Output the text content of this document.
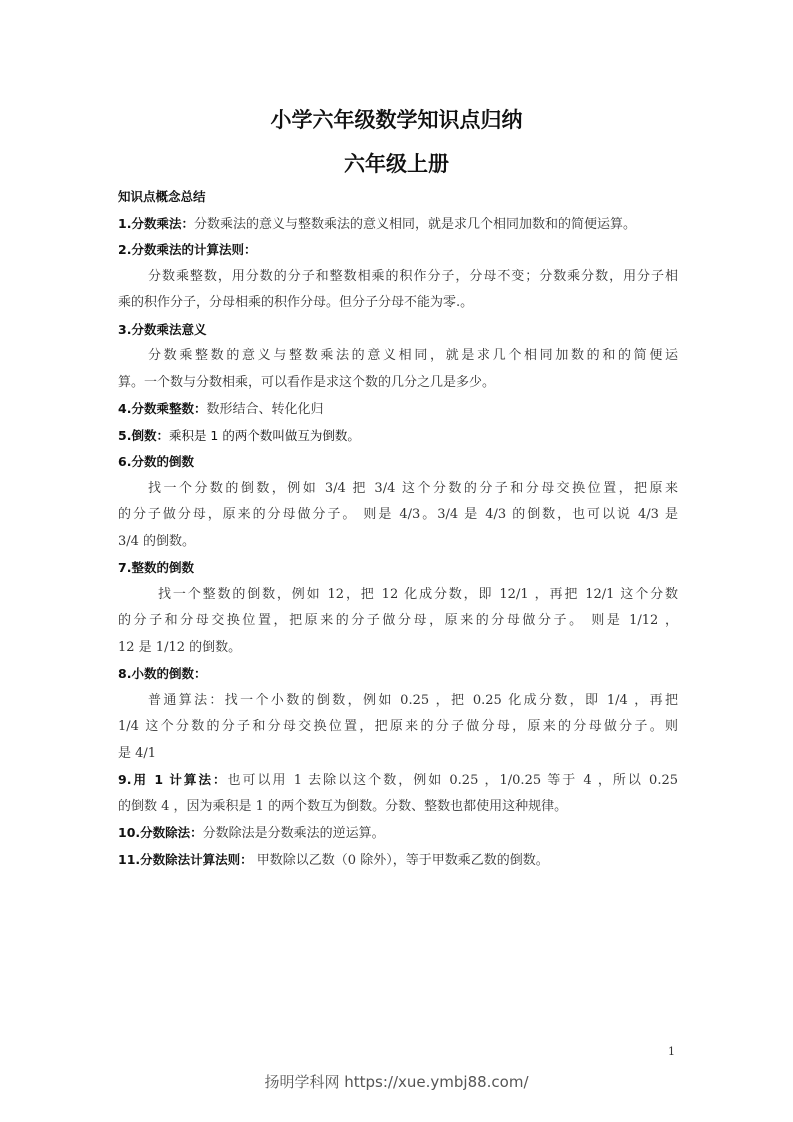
小学六年级数学知识点归纳
六年级上册
知识点概念总结
1.分数乘法：分数乘法的意义与整数乘法的意义相同，就是求几个相同加数和的简便运算。
2.分数乘法的计算法则：
分数乘整数，用分数的分子和整数相乘的积作分子，分母不变；分数乘分数，用分子相
乘的积作分子，分母相乘的积作分母。但分子分母不能为零.。
3.分数乘法意义
分数乘整数的意义与整数乘法的意义相同，就是求几个相同加数的和的简便运
算。一个数与分数相乘，可以看作是求这个数的几分之几是多少。
4.分数乘整数：数形结合、转化化归
5.倒数：乘积是 1 的两个数叫做互为倒数。
6.分数的倒数
找一个分数的倒数，例如 3/4 把 3/4 这个分数的分子和分母交换位置，把原来
的分子做分母，原来的分母做分子。 则是 4/3。3/4 是 4/3 的倒数，也可以说 4/3 是
3/4 的倒数。
7.整数的倒数
找一个整数的倒数，例如 12，把 12 化成分数，即 12/1 ，再把 12/1 这个分数
的分子和分母交换位置，把原来的分子做分母，原来的分母做分子。 则是 1/12 ，
12 是 1/12 的倒数。
8.小数的倒数：
普通算法：找一个小数的倒数，例如 0.25 ，把 0.25 化成分数，即 1/4 ，再把
1/4 这个分数的分子和分母交换位置，把原来的分子做分母，原来的分母做分子。则
是 4/1
9.用 1 计算法：也可以用 1 去除以这个数，例如 0.25 ，1/0.25 等于 4 ，所以 0.25
的倒数 4 ，因为乘积是 1 的两个数互为倒数。分数、整数也都使用这种规律。
10.分数除法：分数除法是分数乘法的逆运算。
11.分数除法计算法则： 甲数除以乙数（0 除外），等于甲数乘乙数的倒数。
1
扬明学科网 https://xue.ymbj88.com/
